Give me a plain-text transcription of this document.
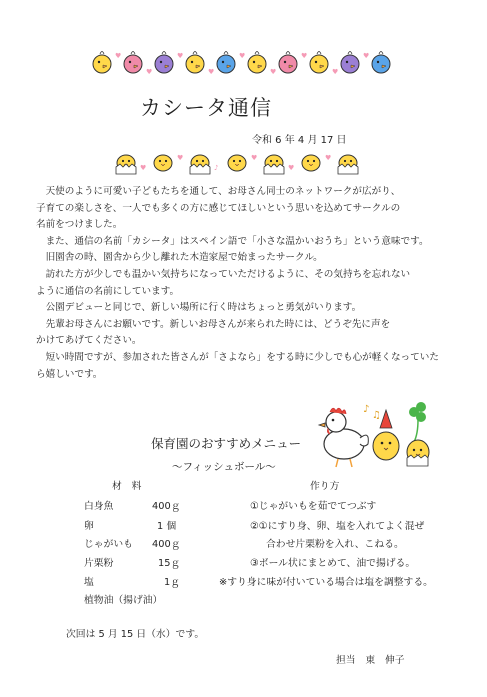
♥
♥
♥
♥
♥
♥
♥
♥
♥
カシータ通信
令和 6 年 4 月 17 日
♥
♥
♪
♥
♥
♥
　天使のように可愛い子どもたちを通して、お母さん同士のネットワークが広がり、
子育ての楽しさを、一人でも多くの方に感じてほしいという思いを込めてサークルの
名前をつけました。
　また、通信の名前「カシータ」はスペイン語で「小さな温かいおうち」という意味です。
　旧園舎の時、園舎から少し離れた木造家屋で始まったサークル。
　訪れた方が少しでも温かい気持ちになっていただけるように、その気持ちを忘れない
ように通信の名前にしています。
　公園デビューと同じで、新しい場所に行く時はちょっと勇気がいります。
　先輩お母さんにお願いです。新しいお母さんが来られた時には、どうぞ先に声を
かけてあげてください。
　短い時間ですが、参加された皆さんが「さよなら」をする時に少しでも心が軽くなっていた
ら嬉しいです。
♪
♫
保育園のおすすめメニュー
～フィッシュボール～
材　料	作り方
白身魚	400ｇ	①じゃがいもを茹でてつぶす
卵	1 個	②①にすり身、卵、塩を入れてよく混ぜ
じゃがいも 400ｇ	合わせ片栗粉を入れ、こねる。
片栗粉	15ｇ	③ボール状にまとめて、油で揚げる。
塩	1ｇ	※すり身に味が付いている場合は塩を調整する。
植物油（揚げ油）
次回は 5 月 15 日（水）です。
担当　東　伸子
